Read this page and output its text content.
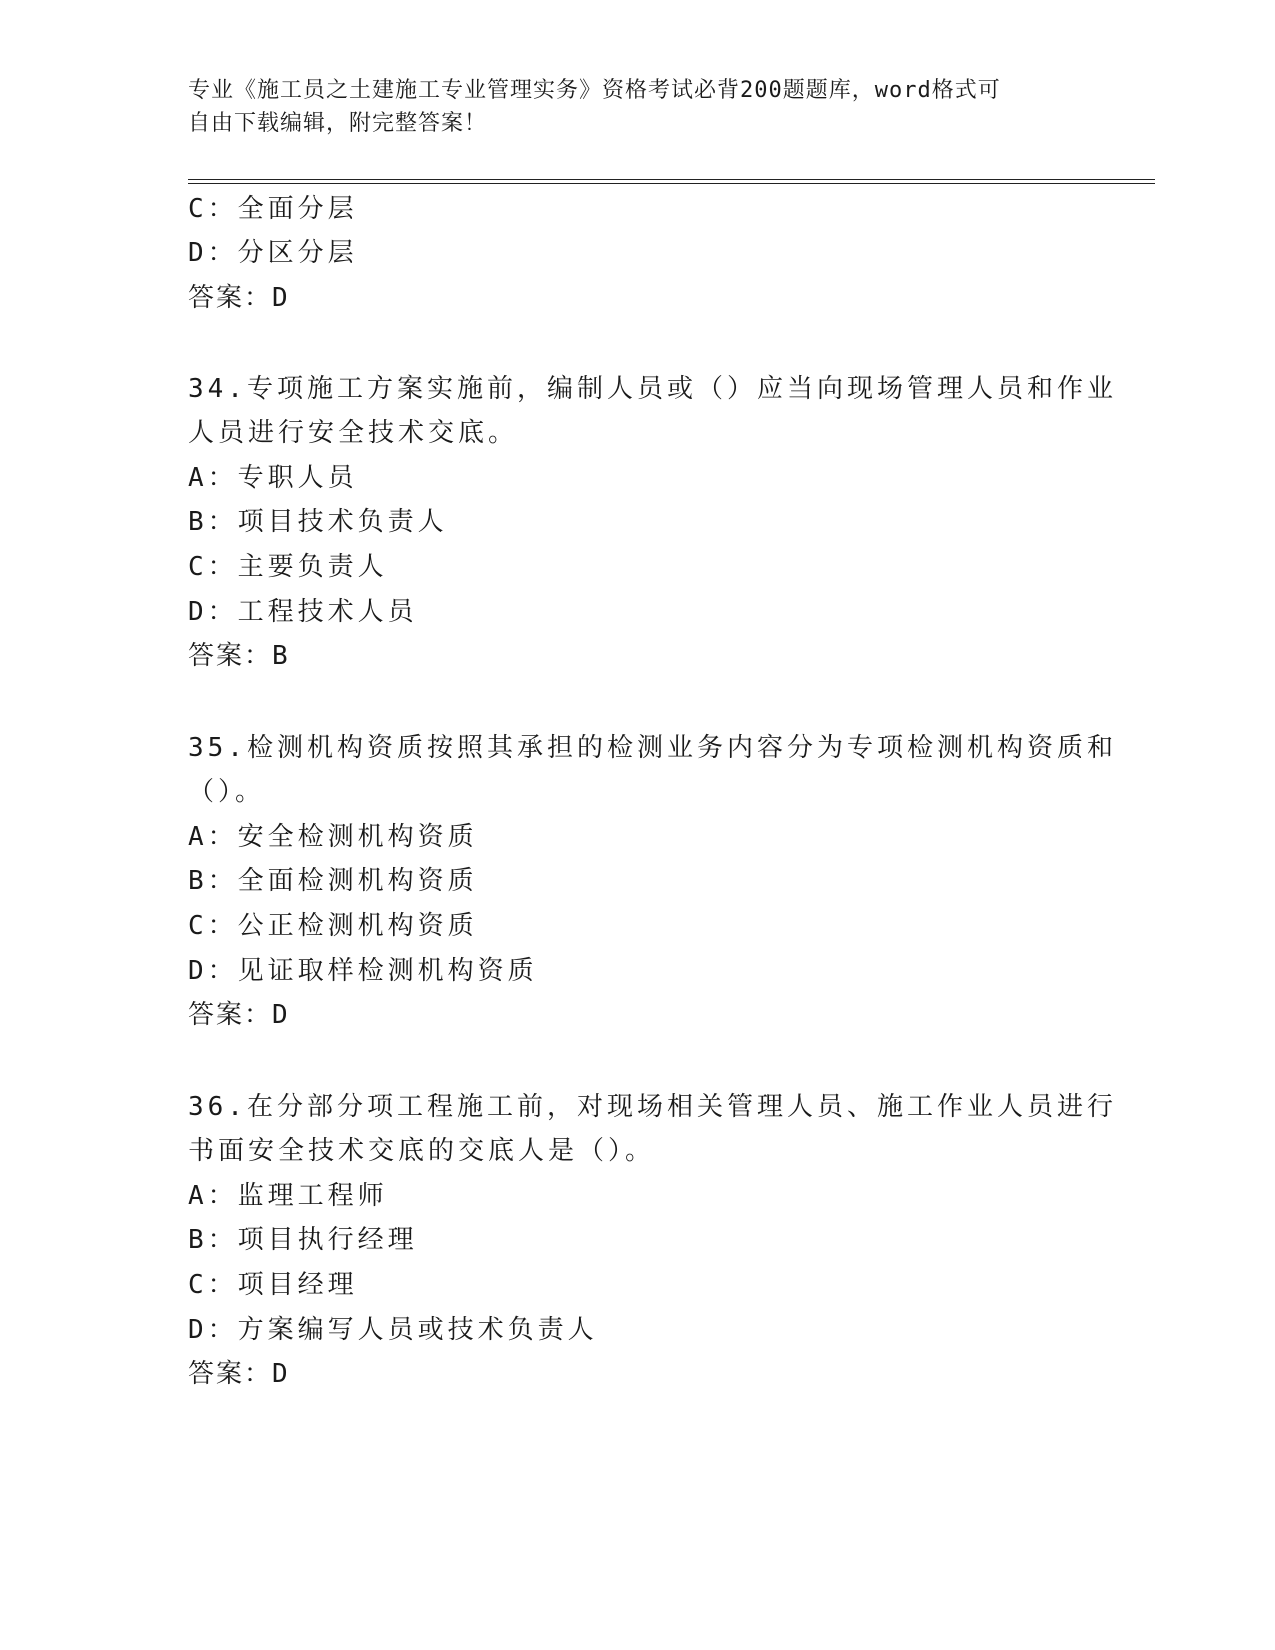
专业《施工员之土建施工专业管理实务》资格考试必背200题题库，word格式可
自由下载编辑，附完整答案！
C：全面分层
D：分区分层
答案：D
34.专项施工方案实施前，编制人员或（）应当向现场管理人员和作业
人员进行安全技术交底。
A：专职人员
B：项目技术负责人
C：主要负责人
D：工程技术人员
答案：B
35.检测机构资质按照其承担的检测业务内容分为专项检测机构资质和
（）。
A：安全检测机构资质
B：全面检测机构资质
C：公正检测机构资质
D：见证取样检测机构资质
答案：D
36.在分部分项工程施工前，对现场相关管理人员、施工作业人员进行
书面安全技术交底的交底人是（）。
A：监理工程师
B：项目执行经理
C：项目经理
D：方案编写人员或技术负责人
答案：D
